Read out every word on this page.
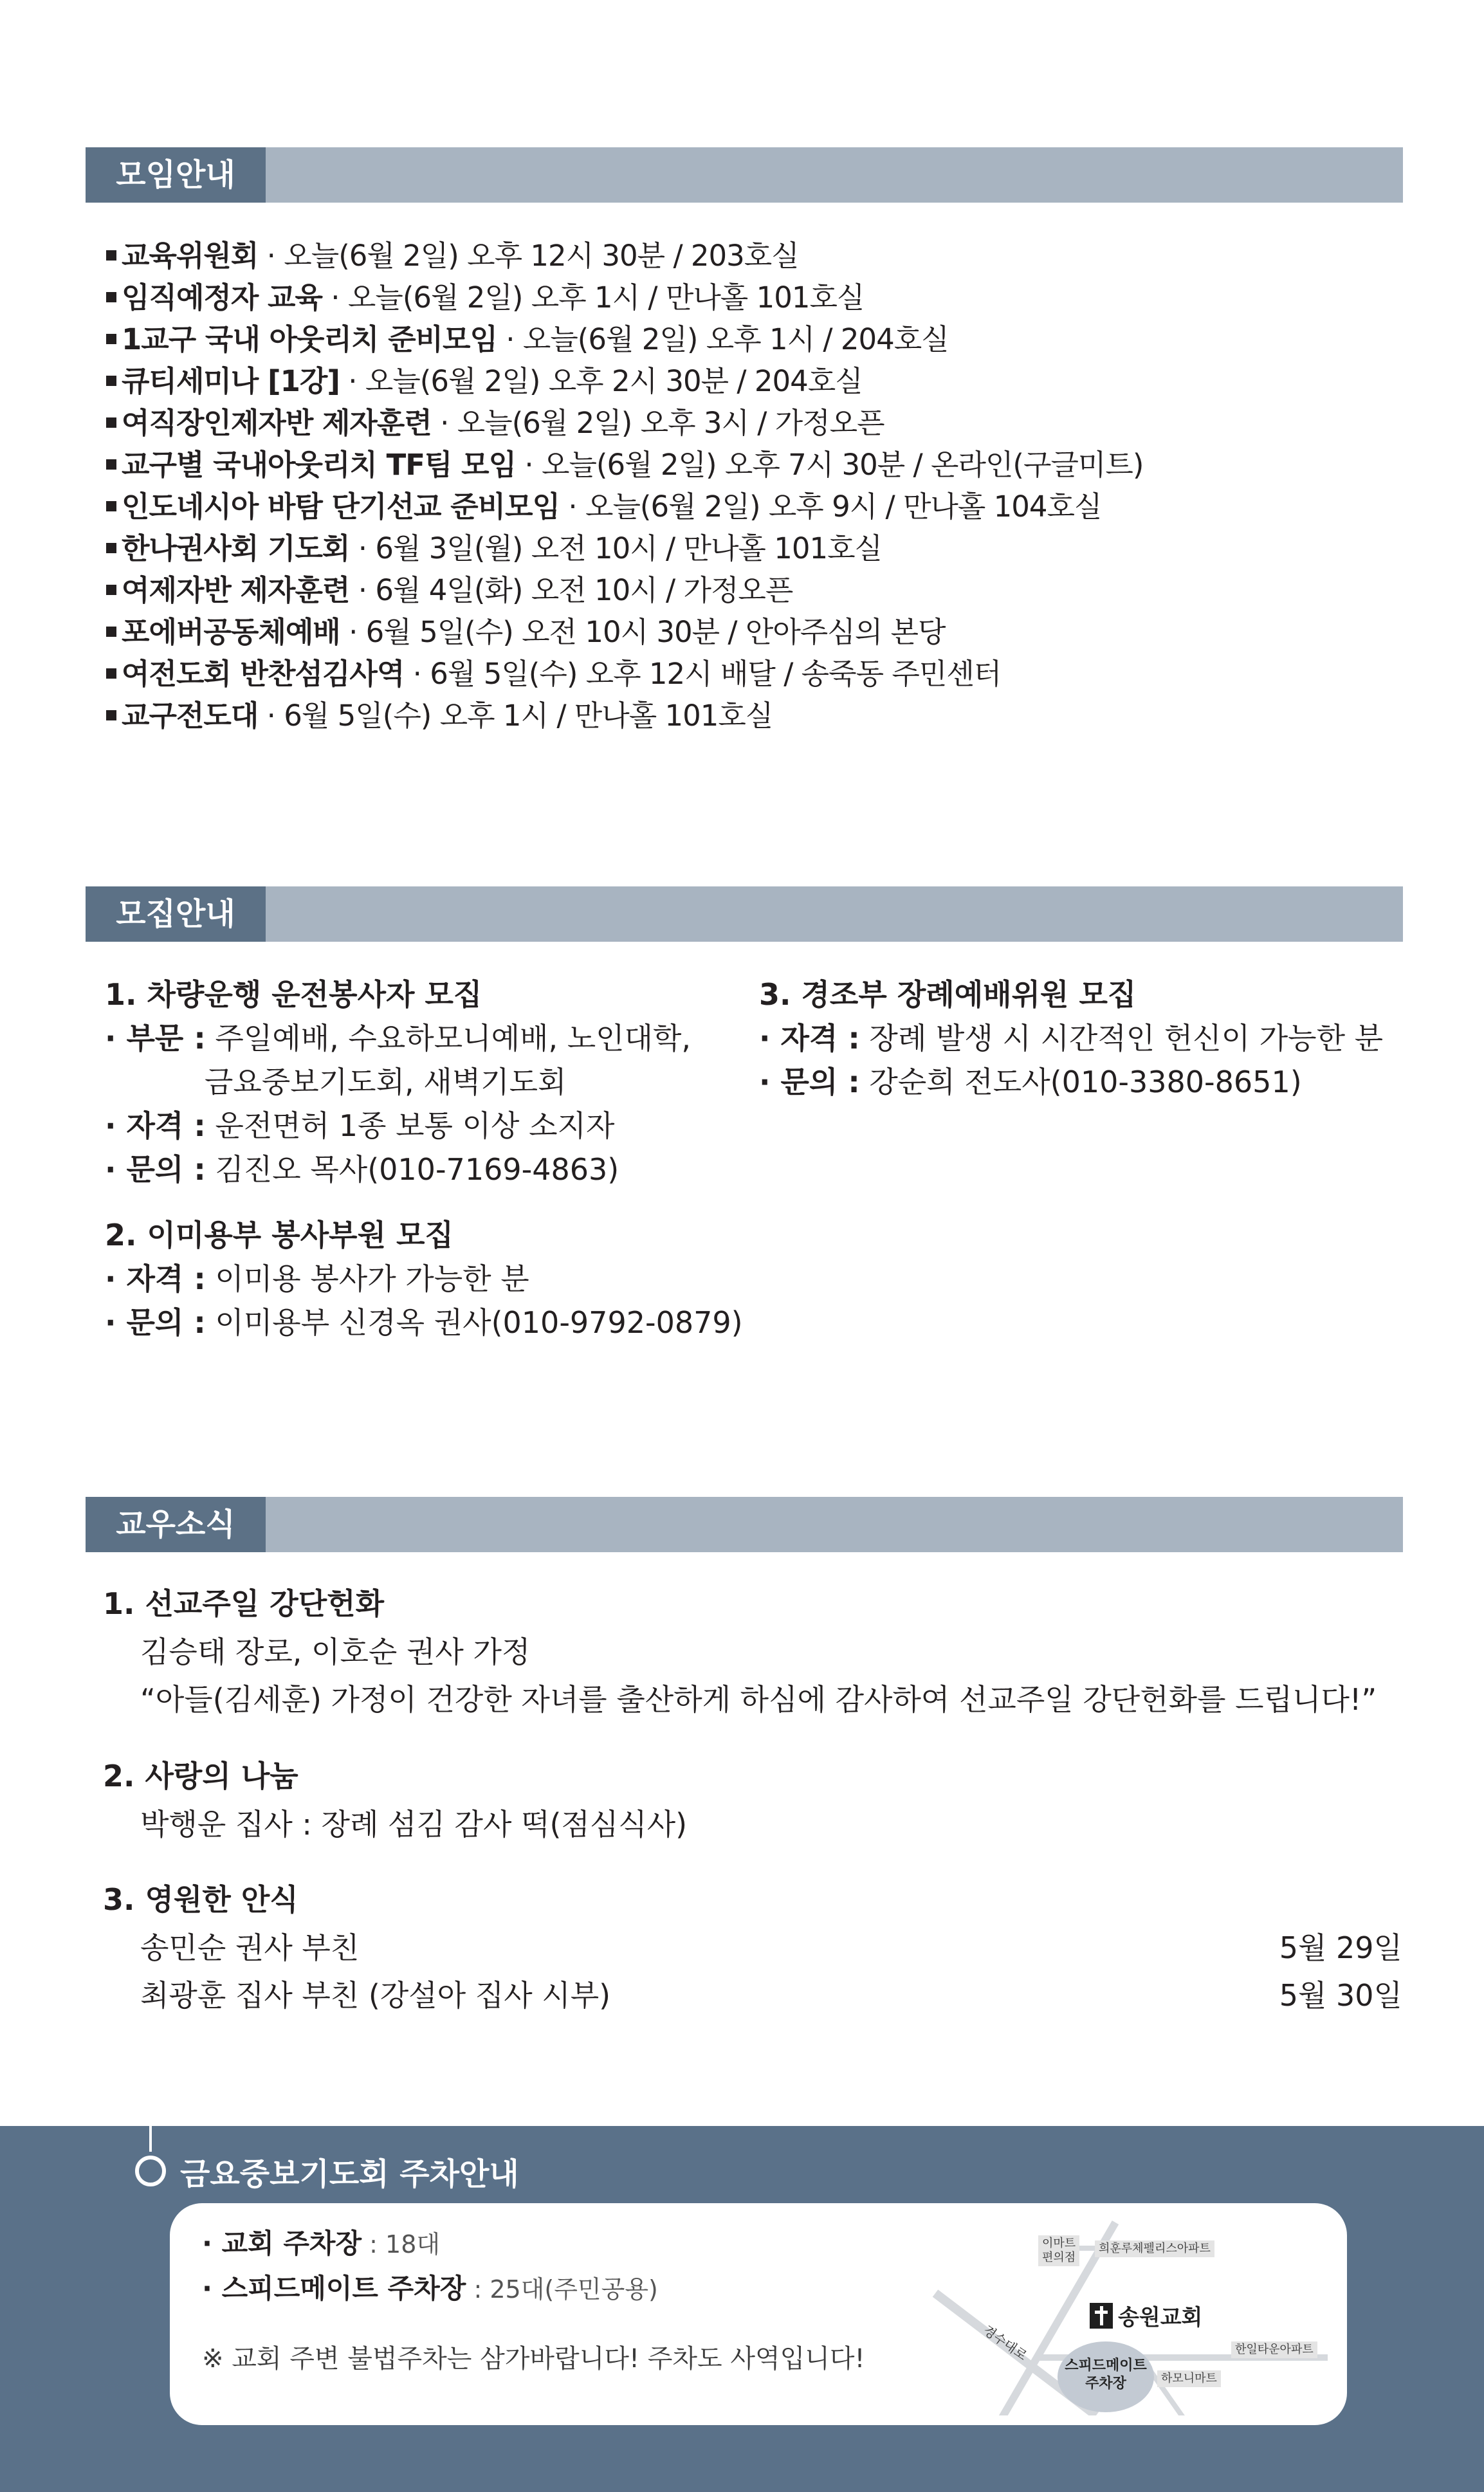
모임안내
교육위원회 · 오늘(6월 2일) 오후 12시 30분 / 203호실
임직예정자 교육 · 오늘(6월 2일) 오후 1시 / 만나홀 101호실
1교구 국내 아웃리치 준비모임 · 오늘(6월 2일) 오후 1시 / 204호실
큐티세미나 [1강] · 오늘(6월 2일) 오후 2시 30분 / 204호실
여직장인제자반 제자훈련 · 오늘(6월 2일) 오후 3시 / 가정오픈
교구별 국내아웃리치 TF팀 모임 · 오늘(6월 2일) 오후 7시 30분 / 온라인(구글미트)
인도네시아 바탐 단기선교 준비모임 · 오늘(6월 2일) 오후 9시 / 만나홀 104호실
한나권사회 기도회 · 6월 3일(월) 오전 10시 / 만나홀 101호실
여제자반 제자훈련 · 6월 4일(화) 오전 10시 / 가정오픈
포에버공동체예배 · 6월 5일(수) 오전 10시 30분 / 안아주심의 본당
여전도회 반찬섬김사역 · 6월 5일(수) 오후 12시 배달 / 송죽동 주민센터
교구전도대 · 6월 5일(수) 오후 1시 / 만나홀 101호실
모집안내
1. 차량운행 운전봉사자 모집
· 부문 : 주일예배, 수요하모니예배, 노인대학,
금요중보기도회, 새벽기도회
· 자격 : 운전면허 1종 보통 이상 소지자
· 문의 : 김진오 목사(010-7169-4863)
2. 이미용부 봉사부원 모집
· 자격 : 이미용 봉사가 가능한 분
· 문의 : 이미용부 신경옥 권사(010-9792-0879)
3. 경조부 장례예배위원 모집
· 자격 : 장례 발생 시 시간적인 헌신이 가능한 분
· 문의 : 강순희 전도사(010-3380-8651)
교우소식
1. 선교주일 강단헌화
김승태 장로, 이호순 권사 가정
“아들(김세훈) 가정이 건강한 자녀를 출산하게 하심에 감사하여 선교주일 강단헌화를 드립니다!”
2. 사랑의 나눔
박행운 집사 : 장례 섬김 감사 떡(점심식사)
3. 영원한 안식
송민순 권사 부친	5월 29일
최광훈 집사 부친 (강설아 집사 시부)	5월 30일
금요중보기도회 주차안내
· 교회 주차장 : 18대
· 스피드메이트 주차장 : 25대(주민공용)
※ 교회 주변 불법주차는 삼가바랍니다! 주차도 사역입니다!
이마트
편의점
희훈루체펠리스아파트
송원교회
경수대로
하모니마트
한일타운아파트
스피드메이트
주차장
